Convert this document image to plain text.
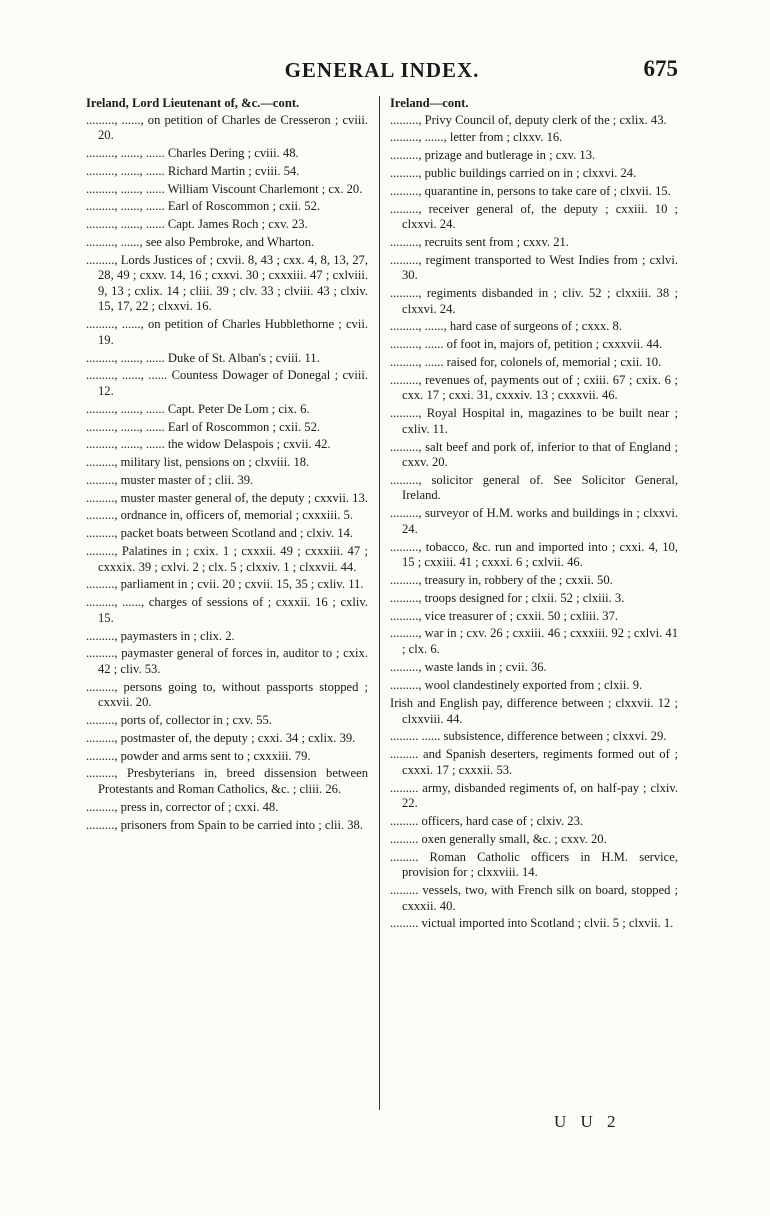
GENERAL INDEX.	675
Ireland, Lord Lieutenant of, &c.—cont.
........., ......, on petition of Charles de Cresseron ; cviii. 20.
........., ......, ...... Charles Dering ; cviii. 48.
........., ......, ...... Richard Martin ; cviii. 54.
........., ......, ...... William Viscount Charlemont ; cx. 20.
........., ......, ...... Earl of Roscommon ; cxii. 52.
........., ......, ...... Capt. James Roch ; cxv. 23.
........., ......, see also Pembroke, and Wharton.
........., Lords Justices of ; cxvii. 8, 43 ; cxx. 4, 8, 13, 27, 28, 49 ; cxxv. 14, 16 ; cxxvi. 30 ; cxxxiii. 47 ; cxlviii. 9, 13 ; cxlix. 14 ; cliii. 39 ; clv. 33 ; clviii. 43 ; clxiv. 15, 17, 22 ; clxxvi. 16.
........., ......, on petition of Charles Hubblethorne ; cvii. 19.
........., ......, ...... Duke of St. Alban's ; cviii. 11.
........., ......, ...... Countess Dowager of Donegal ; cviii. 12.
........., ......, ...... Capt. Peter De Lom ; cix. 6.
........., ......, ...... Earl of Roscommon ; cxii. 52.
........., ......, ...... the widow Delaspois ; cxvii. 42.
........., military list, pensions on ; clxviii. 18.
........., muster master of ; clii. 39.
........., muster master general of, the deputy ; cxxvii. 13.
........., ordnance in, officers of, memorial ; cxxxiii. 5.
........., packet boats between Scotland and ; clxiv. 14.
........., Palatines in ; cxix. 1 ; cxxxii. 49 ; cxxxiii. 47 ; cxxxix. 39 ; cxlvi. 2 ; clx. 5 ; clxxiv. 1 ; clxxvii. 44.
........., parliament in ; cvii. 20 ; cxvii. 15, 35 ; cxliv. 11.
........., ......, charges of sessions of ; cxxxii. 16 ; cxliv. 15.
........., paymasters in ; clix. 2.
........., paymaster general of forces in, auditor to ; cxix. 42 ; cliv. 53.
........., persons going to, without passports stopped ; cxxvii. 20.
........., ports of, collector in ; cxv. 55.
........., postmaster of, the deputy ; cxxi. 34 ; cxlix. 39.
........., powder and arms sent to ; cxxxiii. 79.
........., Presbyterians in, breed dissension between Protestants and Roman Catholics, &c. ; cliii. 26.
........., press in, corrector of ; cxxi. 48.
........., prisoners from Spain to be carried into ; clii. 38.
Ireland—cont.
........., Privy Council of, deputy clerk of the ; cxlix. 43.
........., ......, letter from ; clxxv. 16.
........., prizage and butlerage in ; cxv. 13.
........., public buildings carried on in ; clxxvi. 24.
........., quarantine in, persons to take care of ; clxvii. 15.
........., receiver general of, the deputy ; cxxiii. 10 ; clxxvi. 24.
........., recruits sent from ; cxxv. 21.
........., regiment transported to West Indies from ; cxlvi. 30.
........., regiments disbanded in ; cliv. 52 ; clxxiii. 38 ; clxxvi. 24.
........., ......, hard case of surgeons of ; cxxx. 8.
........., ...... of foot in, majors of, petition ; cxxxvii. 44.
........., ...... raised for, colonels of, memorial ; cxii. 10.
........., revenues of, payments out of ; cxiii. 67 ; cxix. 6 ; cxx. 17 ; cxxi. 31, cxxxiv. 13 ; cxxxvii. 46.
........., Royal Hospital in, magazines to be built near ; cxliv. 11.
........., salt beef and pork of, inferior to that of England ; cxxv. 20.
........., solicitor general of. See Solicitor General, Ireland.
........., surveyor of H.M. works and buildings in ; clxxvi. 24.
........., tobacco, &c. run and imported into ; cxxi. 4, 10, 15 ; cxxiii. 41 ; cxxxi. 6 ; cxlvii. 46.
........., treasury in, robbery of the ; cxxii. 50.
........., troops designed for ; clxii. 52 ; clxiii. 3.
........., vice treasurer of ; cxxii. 50 ; cxliii. 37.
........., war in ; cxv. 26 ; cxxiii. 46 ; cxxxiii. 92 ; cxlvi. 41 ; clx. 6.
........., waste lands in ; cvii. 36.
........., wool clandestinely exported from ; clxii. 9.
Irish and English pay, difference between ; clxxvii. 12 ; clxxviii. 44.
......... ...... subsistence, difference between ; clxxvi. 29.
......... and Spanish deserters, regiments formed out of ; cxxxi. 17 ; cxxxii. 53.
......... army, disbanded regiments of, on half-pay ; clxiv. 22.
......... officers, hard case of ; clxiv. 23.
......... oxen generally small, &c. ; cxxv. 20.
......... Roman Catholic officers in H.M. service, provision for ; clxxviii. 14.
......... vessels, two, with French silk on board, stopped ; cxxxii. 40.
......... victual imported into Scotland ; clvii. 5 ; clxvii. 1.
U U 2
